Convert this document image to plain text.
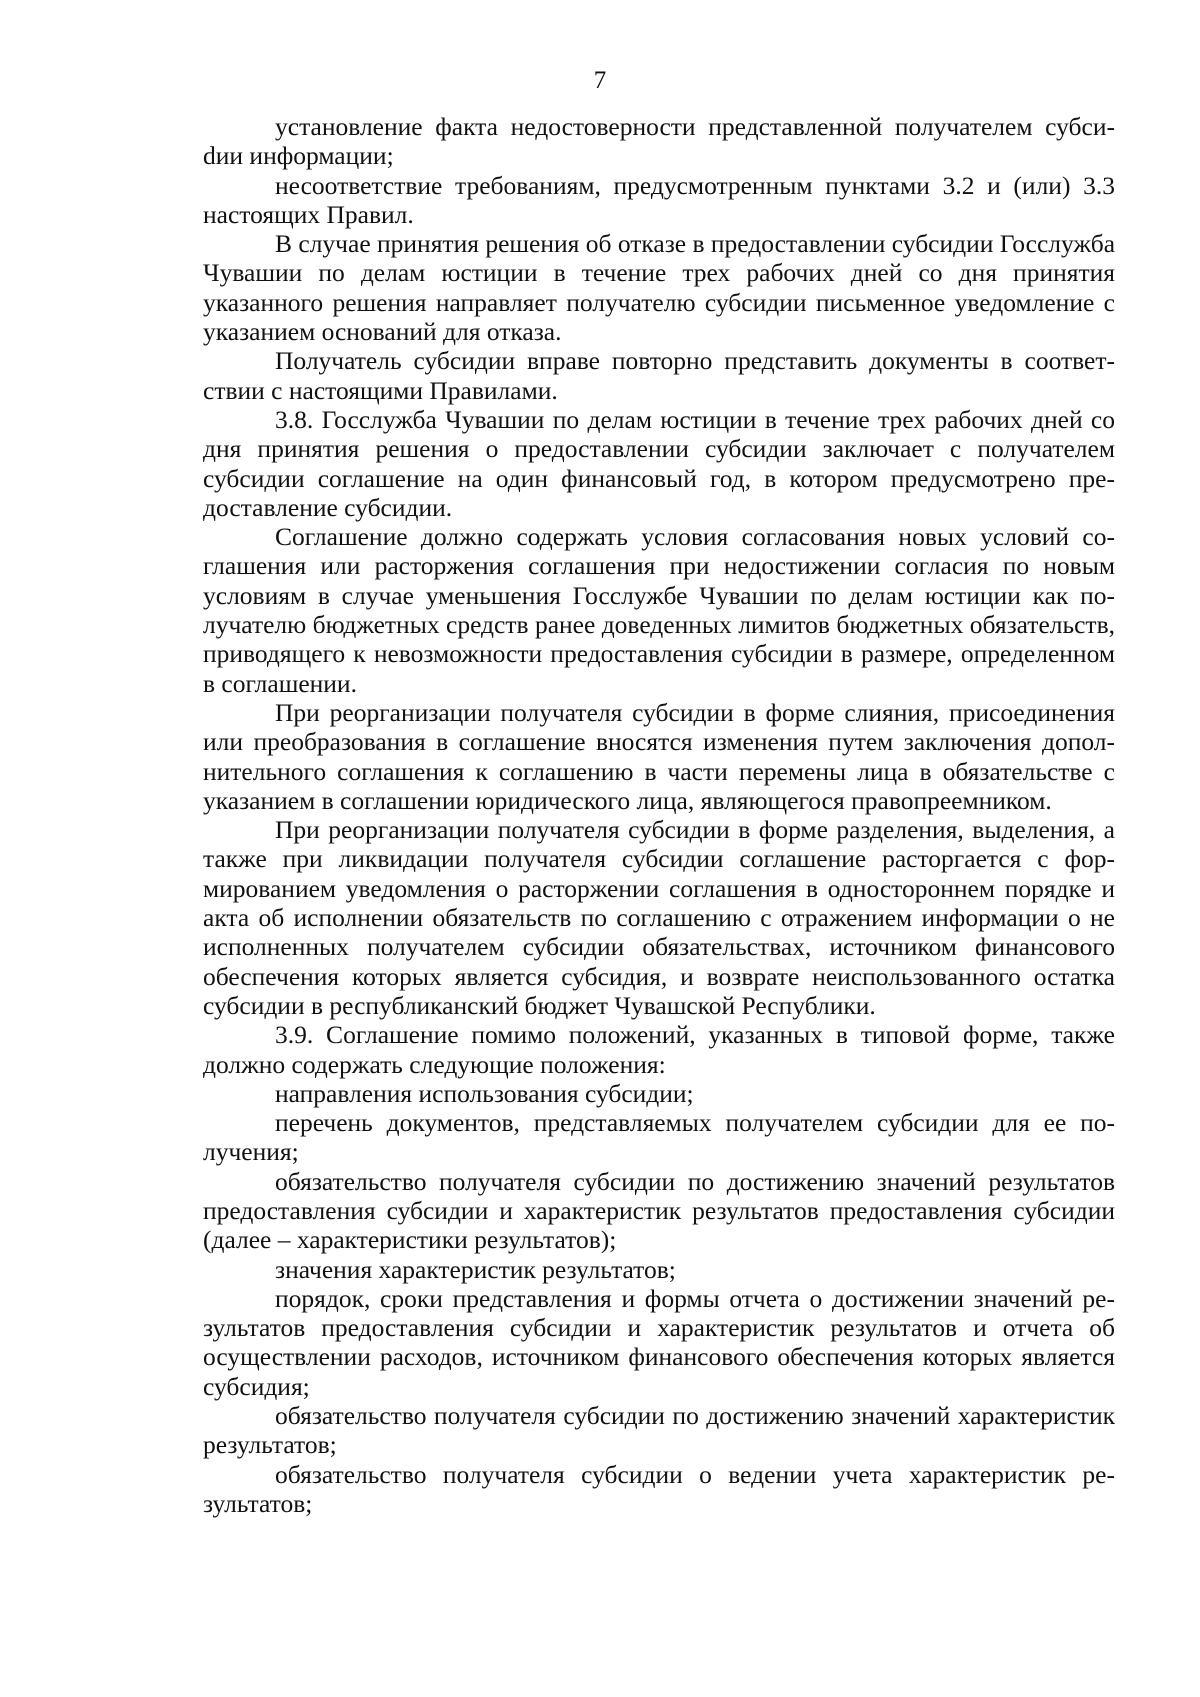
7

установление факта недостоверности представленной получателем субсиdии информации;

несоответствие требованиям, предусмотренным пунктами 3.2 и (или) 3.3 настоящих Правил.

В случае принятия решения об отказе в предоставлении субсидии Госслужба Чувашии по делам юстиции в течение трех рабочих дней со дня принятия указанного решения направляет получателю субсидии письменное уведомление с указанием оснований для отказа.

Получатель субсидии вправе повторно представить документы в соответствии с настоящими Правилами.

3.8. Госслужба Чувашии по делам юстиции в течение трех рабочих дней со дня принятия решения о предоставлении субсидии заключает с получателем субсидии соглашение на один финансовый год, в котором предусмотрено предоставление субсидии.

Соглашение должно содержать условия согласования новых условий соглашения или расторжения соглашения при недостижении согласия по новым условиям в случае уменьшения Госслужбе Чувашии по делам юстиции как получателю бюджетных средств ранее доведенных лимитов бюджетных обязательств, приводящего к невозможности предоставления субсидии в размере, определенном в соглашении.

При реорганизации получателя субсидии в форме слияния, присоединения или преобразования в соглашение вносятся изменения путем заключения дополнительного соглашения к соглашению в части перемены лица в обязательстве с указанием в соглашении юридического лица, являющегося правопреемником.

При реорганизации получателя субсидии в форме разделения, выделения, а также при ликвидации получателя субсидии соглашение расторгается с формированием уведомления о расторжении соглашения в одностороннем порядке и акта об исполнении обязательств по соглашению с отражением информации о не исполненных получателем субсидии обязательствах, источником финансового обеспечения которых является субсидия, и возврате неиспользованного остатка субсидии в республиканский бюджет Чувашской Республики.

3.9. Соглашение помимо положений, указанных в типовой форме, также должно содержать следующие положения:

направления использования субсидии;

перечень документов, представляемых получателем субсидии для ее получения;

обязательство получателя субсидии по достижению значений результатов предоставления субсидии и характеристик результатов предоставления субсидии (далее – характеристики результатов);

значения характеристик результатов;

порядок, сроки представления и формы отчета о достижении значений результатов предоставления субсидии и характеристик результатов и отчета об осуществлении расходов, источником финансового обеспечения которых является субсидия;

обязательство получателя субсидии по достижению значений характеристик результатов;

обязательство получателя субсидии о ведении учета характеристик результатов;
